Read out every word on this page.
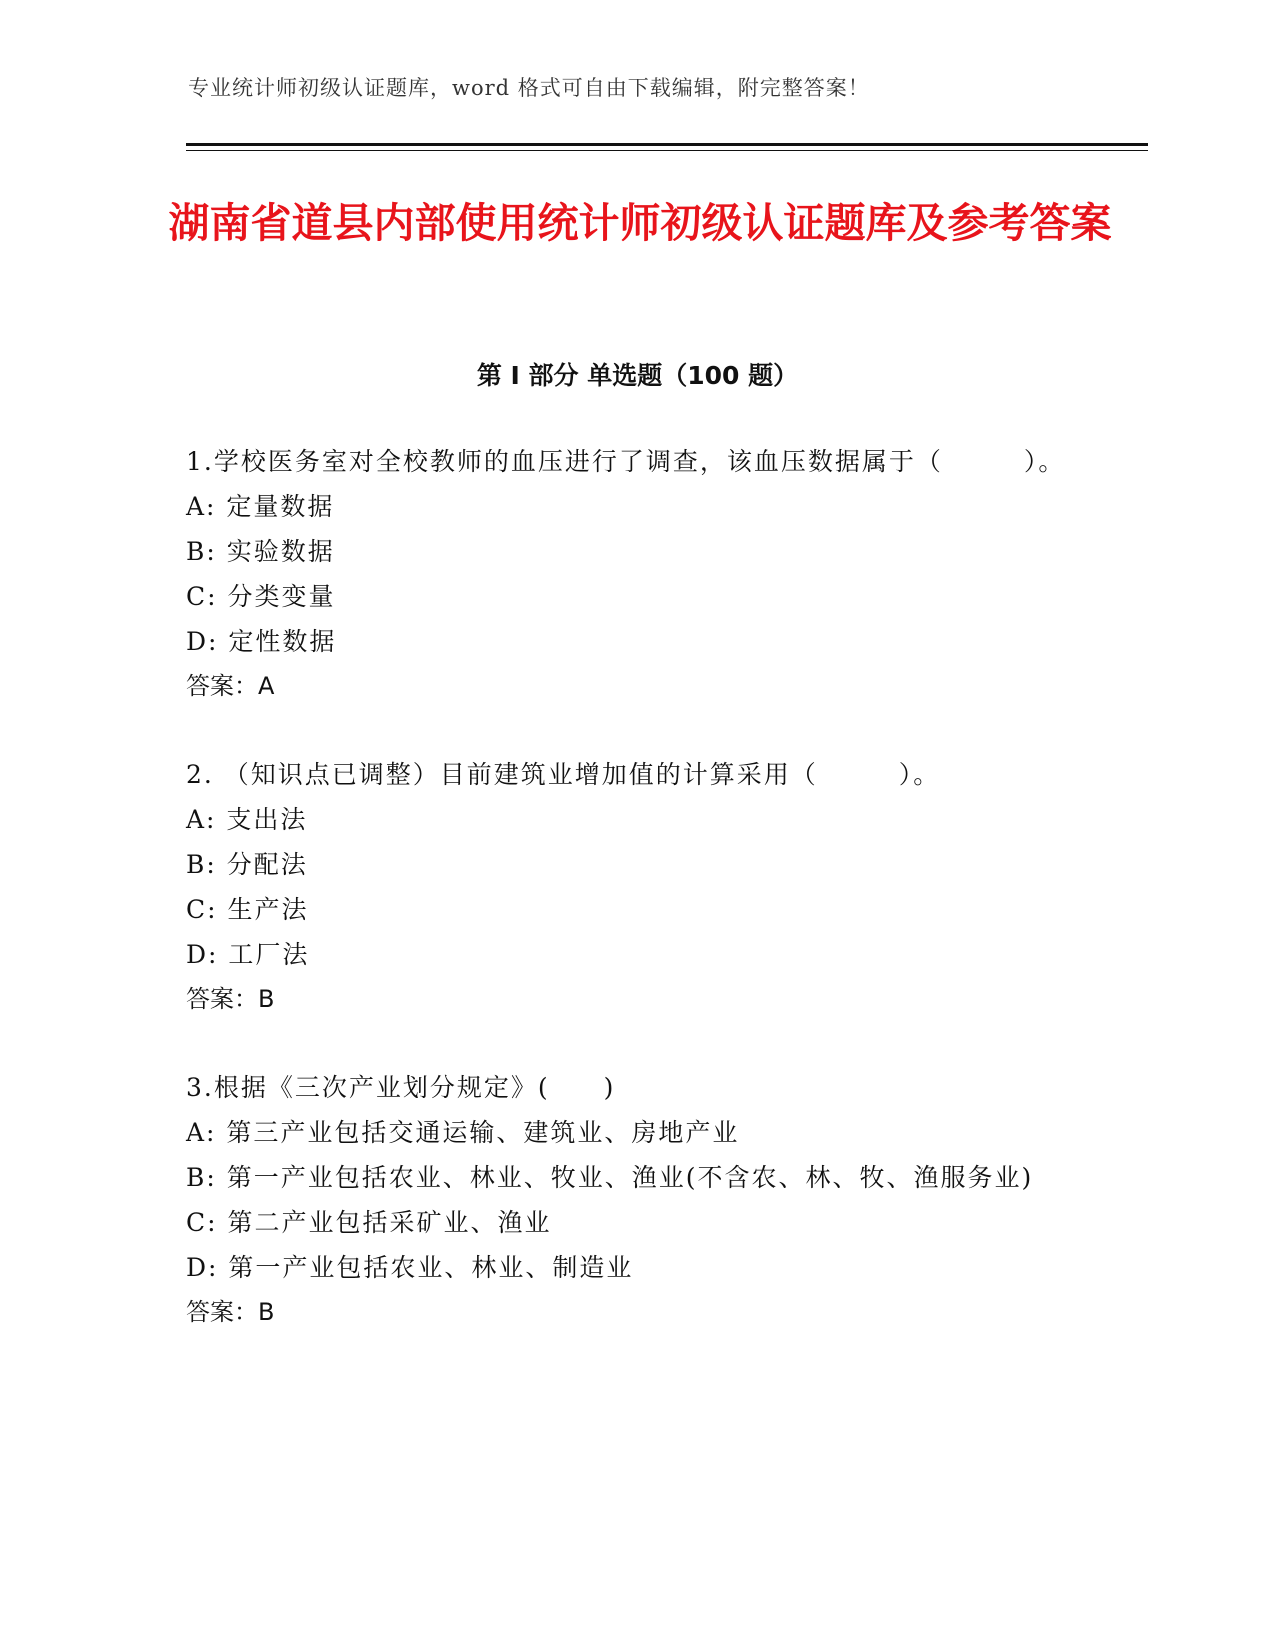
专业统计师初级认证题库，word 格式可自由下载编辑，附完整答案！
湖南省道县内部使用统计师初级认证题库及参考答案
第 I 部分 单选题（100 题）

1.学校医务室对全校教师的血压进行了调查，该血压数据属于（　　　）。

A: 定量数据

B: 实验数据

C: 分类变量

D: 定性数据

答案：A

2. （知识点已调整）目前建筑业增加值的计算采用（　　　）。

A: 支出法

B: 分配法

C: 生产法

D: 工厂法

答案：B

3.根据《三次产业划分规定》(　　)

A: 第三产业包括交通运输、建筑业、房地产业

B: 第一产业包括农业、林业、牧业、渔业(不含农、林、牧、渔服务业)

C: 第二产业包括采矿业、渔业

D: 第一产业包括农业、林业、制造业

答案：B
